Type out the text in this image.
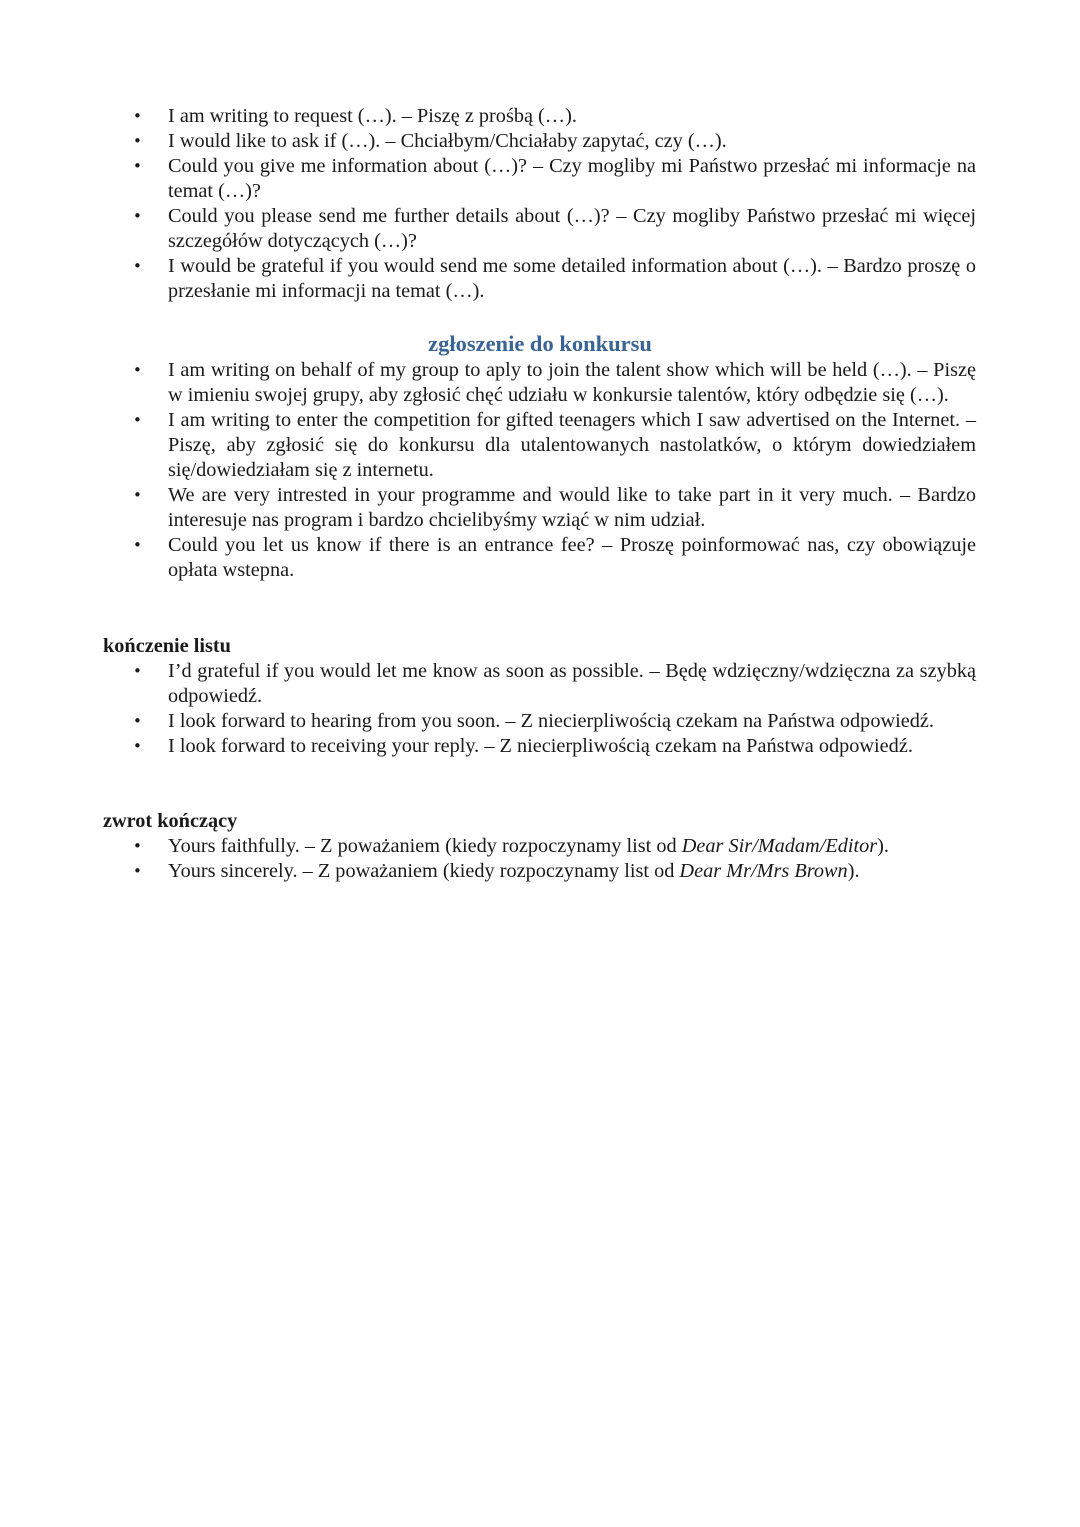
• I am writing to request (…). – Piszę z prośbą (…).
• I would like to ask if (…). – Chciałbym/Chciałaby zapytać, czy (…).
• Could you give me information about (…)? – Czy mogliby mi Państwo przesłać mi informacje na temat (…)?
• Could you please send me further details about (…)? – Czy mogliby Państwo przesłać mi więcej szczegółów dotyczących (…)?
• I would be grateful if you would send me some detailed information about (…). – Bardzo proszę o przesłanie mi informacji na temat (…).
zgłoszenie do konkursu
• I am writing on behalf of my group to aply to join the talent show which will be held (…). – Piszę w imieniu swojej grupy, aby zgłosić chęć udziału w konkursie talentów, który odbędzie się (…).
• I am writing to enter the competition for gifted teenagers which I saw advertised on the Internet. – Piszę, aby zgłosić się do konkursu dla utalentowanych nastolatków, o którym dowiedziałem się/dowiedziałam się z internetu.
• We are very intrested in your programme and would like to take part in it very much. – Bardzo interesuje nas program i bardzo chcielibyśmy wziąć w nim udział.
• Could you let us know if there is an entrance fee? – Proszę poinformować nas, czy obowiązuje opłata wstepna.
kończenie listu
• I’d grateful if you would let me know as soon as possible. – Będę wdzięczny/wdzięczna za szybką odpowiedź.
• I look forward to hearing from you soon. – Z niecierpliwością czekam na Państwa odpowiedź.
• I look forward to receiving your reply. – Z niecierpliwością czekam na Państwa odpowiedź.
zwrot kończący
• Yours faithfully. – Z poważaniem (kiedy rozpoczynamy list od Dear Sir/Madam/Editor).
• Yours sincerely. – Z poważaniem (kiedy rozpoczynamy list od Dear Mr/Mrs Brown).
